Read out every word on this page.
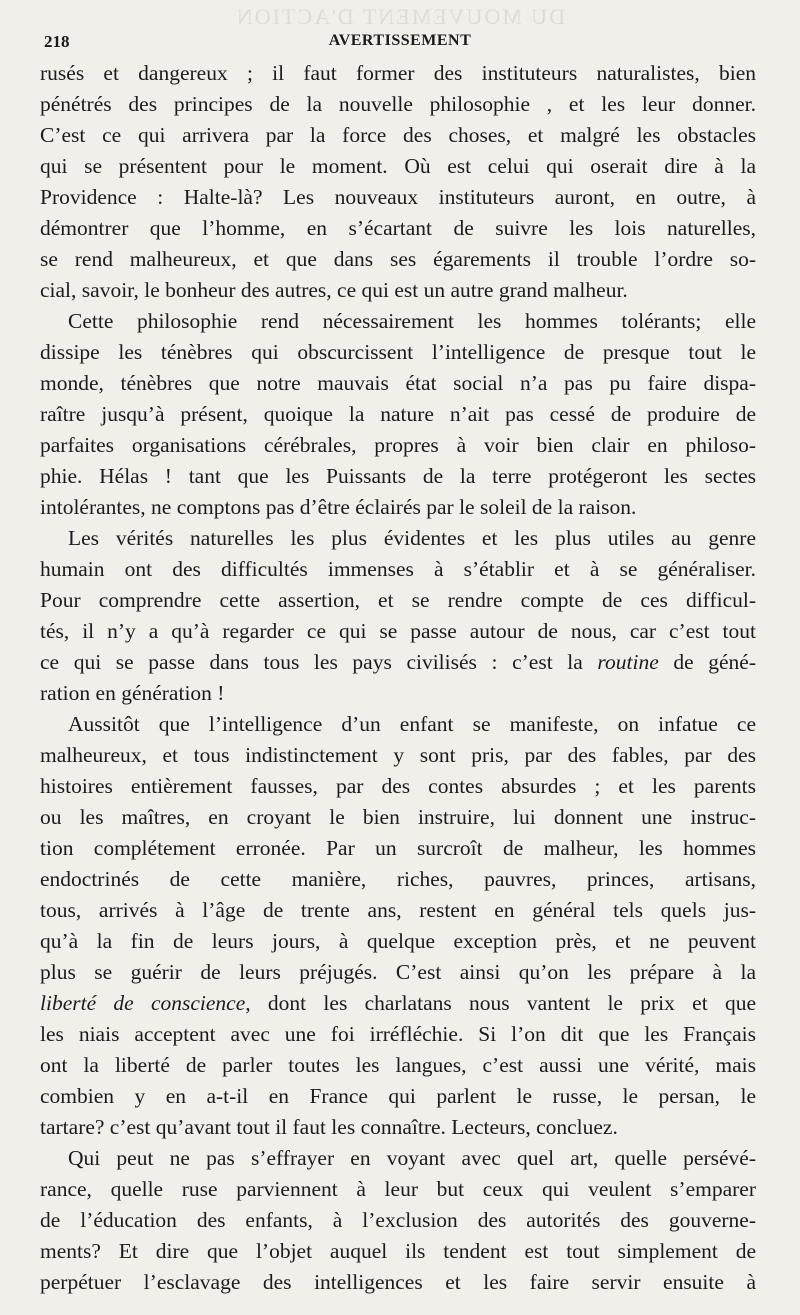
DU MOUVEMENT D'ACTION
218	AVERTISSEMENT
rusés et dangereux ; il faut former des instituteurs naturalistes, bien
pénétrés des principes de la nouvelle philosophie , et les leur donner.
C’est ce qui arrivera par la force des choses, et malgré les obstacles
qui se présentent pour le moment. Où est celui qui oserait dire à la
Providence : Halte-là? Les nouveaux instituteurs auront, en outre, à
démontrer que l’homme, en s’écartant de suivre les lois naturelles,
se rend malheureux, et que dans ses égarements il trouble l’ordre so-
cial, savoir, le bonheur des autres, ce qui est un autre grand malheur.
Cette philosophie rend nécessairement les hommes tolérants; elle
dissipe les ténèbres qui obscurcissent l’intelligence de presque tout le
monde, ténèbres que notre mauvais état social n’a pas pu faire dispa-
raître jusqu’à présent, quoique la nature n’ait pas cessé de produire de
parfaites organisations cérébrales, propres à voir bien clair en philoso-
phie. Hélas ! tant que les Puissants de la terre protégeront les sectes
intolérantes, ne comptons pas d’être éclairés par le soleil de la raison.
Les vérités naturelles les plus évidentes et les plus utiles au genre
humain ont des difficultés immenses à s’établir et à se généraliser.
Pour comprendre cette assertion, et se rendre compte de ces difficul-
tés, il n’y a qu’à regarder ce qui se passe autour de nous, car c’est tout
ce qui se passe dans tous les pays civilisés : c’est la routine de géné-
ration en génération !
Aussitôt que l’intelligence d’un enfant se manifeste, on infatue ce
malheureux, et tous indistinctement y sont pris, par des fables, par des
histoires entièrement fausses, par des contes absurdes ; et les parents
ou les maîtres, en croyant le bien instruire, lui donnent une instruc-
tion complétement erronée. Par un surcroît de malheur, les hommes
endoctrinés de cette manière, riches, pauvres, princes, artisans,
tous, arrivés à l’âge de trente ans, restent en général tels quels jus-
qu’à la fin de leurs jours, à quelque exception près, et ne peuvent
plus se guérir de leurs préjugés. C’est ainsi qu’on les prépare à la
liberté de conscience, dont les charlatans nous vantent le prix et que
les niais acceptent avec une foi irréfléchie. Si l’on dit que les Français
ont la liberté de parler toutes les langues, c’est aussi une vérité, mais
combien y en a-t-il en France qui parlent le russe, le persan, le
tartare? c’est qu’avant tout il faut les connaître. Lecteurs, concluez.
Qui peut ne pas s’effrayer en voyant avec quel art, quelle persévé-
rance, quelle ruse parviennent à leur but ceux qui veulent s’emparer
de l’éducation des enfants, à l’exclusion des autorités des gouverne-
ments? Et dire que l’objet auquel ils tendent est tout simplement de
perpétuer l’esclavage des intelligences et les faire servir ensuite à
